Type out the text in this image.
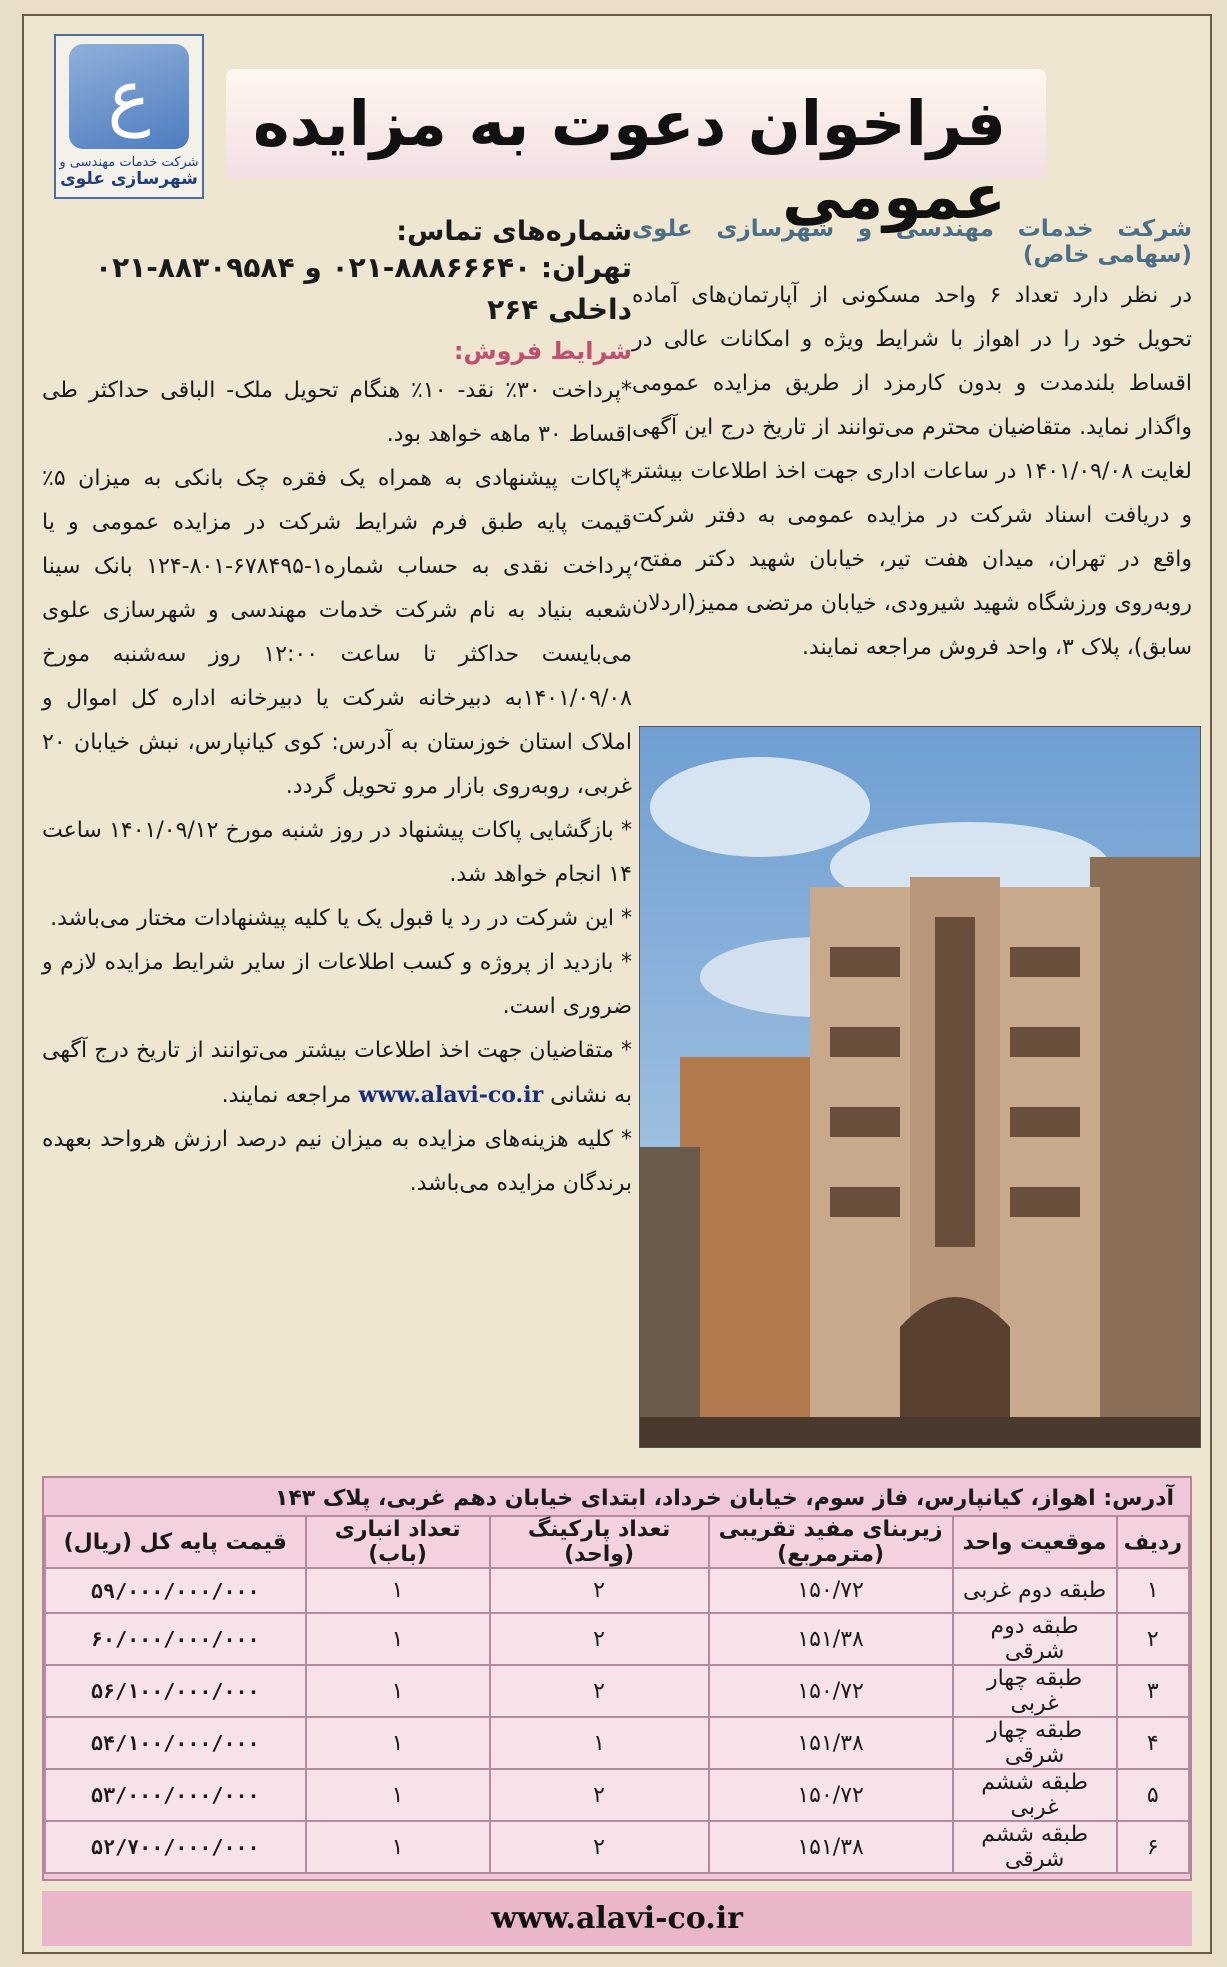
ع
شرکت خدمات مهندسی و
شهرسازی علوی
فراخوان دعوت به مزایده عمومی
شرکت خدمات مهندسی و شهرسازی علوی (سهامی خاص)
در نظر دارد تعداد ۶ واحد مسکونی از آپارتمان‌های آماده تحویل خود را در اهواز با شرایط ویژه و امکانات عالی در اقساط بلندمدت و بدون کارمزد از طریق مزایده عمومی واگذار نماید. متقاضیان محترم می‌توانند از تاریخ درج این آگهی لغایت ۱۴۰۱/۰۹/۰۸ در ساعات اداری جهت اخذ اطلاعات بیشتر و دریافت اسناد شرکت در مزایده عمومی به دفتر شرکت واقع در تهران، میدان هفت تیر، خیابان شهید دکتر مفتح، روبه‌روی ورزشگاه شهید شیرودی، خیابان مرتضی ممیز(اردلان سابق)، پلاک ۳، واحد فروش مراجعه نمایند.
شماره‌های تماس:
تهران: ۸۸۸۶۶۶۴۰-۰۲۱ و ۸۸۳۰۹۵۸۴-۰۲۱
داخلی ۲۶۴
شرایط فروش:

*پرداخت ۳۰٪ نقد- ۱۰٪ هنگام تحویل ملک- الباقی حداکثر طی اقساط ۳۰ ماهه خواهد بود.

*پاکات پیشنهادی به همراه یک فقره چک بانکی به میزان ۵٪ قیمت پایه طبق فرم شرایط شرکت در مزایده عمومی و یا پرداخت نقدی به حساب شماره۱-۶۷۸۴۹۵-۸۰۱-۱۲۴ بانک سینا شعبه بنیاد به نام شرکت خدمات مهندسی و شهرسازی علوی می‌بایست حداکثر تا ساعت ۱۲:۰۰ روز سه‌شنبه مورخ ۱۴۰۱/۰۹/۰۸به دبیرخانه شرکت یا دبیرخانه اداره کل اموال و املاک استان خوزستان به آدرس: کوی کیانپارس، نبش خیابان ۲۰ غربی، روبه‌روی بازار مرو تحویل گردد.

* بازگشایی پاکات پیشنهاد در روز شنبه مورخ ۱۴۰۱/۰۹/۱۲ ساعت ۱۴ انجام خواهد شد.

* این شرکت در رد یا قبول یک یا کلیه پیشنهادات مختار می‌باشد.

* بازدید از پروژه و کسب اطلاعات از سایر شرایط مزایده لازم و ضروری است.

* متقاضیان جهت اخذ اطلاعات بیشتر می‌توانند از تاریخ درج آگهی به نشانی www.alavi-co.ir مراجعه نمایند.

* کلیه هزینه‌های مزایده به میزان نیم درصد ارزش هرواحد بعهده برندگان مزایده می‌باشد.

آدرس: اهواز، کیانپارس، فاز سوم، خیابان خرداد، ابتدای خیابان دهم غربی، پلاک ۱۴۳
ردیف	موقعیت واحد	زیربنای مفید تقریبی (مترمربع)	تعداد پارکینگ (واحد)	تعداد انباری (باب)	قیمت پایه کل (ریال)
۱	طبقه دوم غربی	۱۵۰/۷۲	۲	۱	۵۹/۰۰۰/۰۰۰/۰۰۰
۲	طبقه دوم شرقی	۱۵۱/۳۸	۲	۱	۶۰/۰۰۰/۰۰۰/۰۰۰
۳	طبقه چهار غربی	۱۵۰/۷۲	۲	۱	۵۶/۱۰۰/۰۰۰/۰۰۰
۴	طبقه چهار شرقی	۱۵۱/۳۸	۱	۱	۵۴/۱۰۰/۰۰۰/۰۰۰
۵	طبقه ششم غربی	۱۵۰/۷۲	۲	۱	۵۳/۰۰۰/۰۰۰/۰۰۰
۶	طبقه ششم شرقی	۱۵۱/۳۸	۲	۱	۵۲/۷۰۰/۰۰۰/۰۰۰
www.alavi-co.ir
